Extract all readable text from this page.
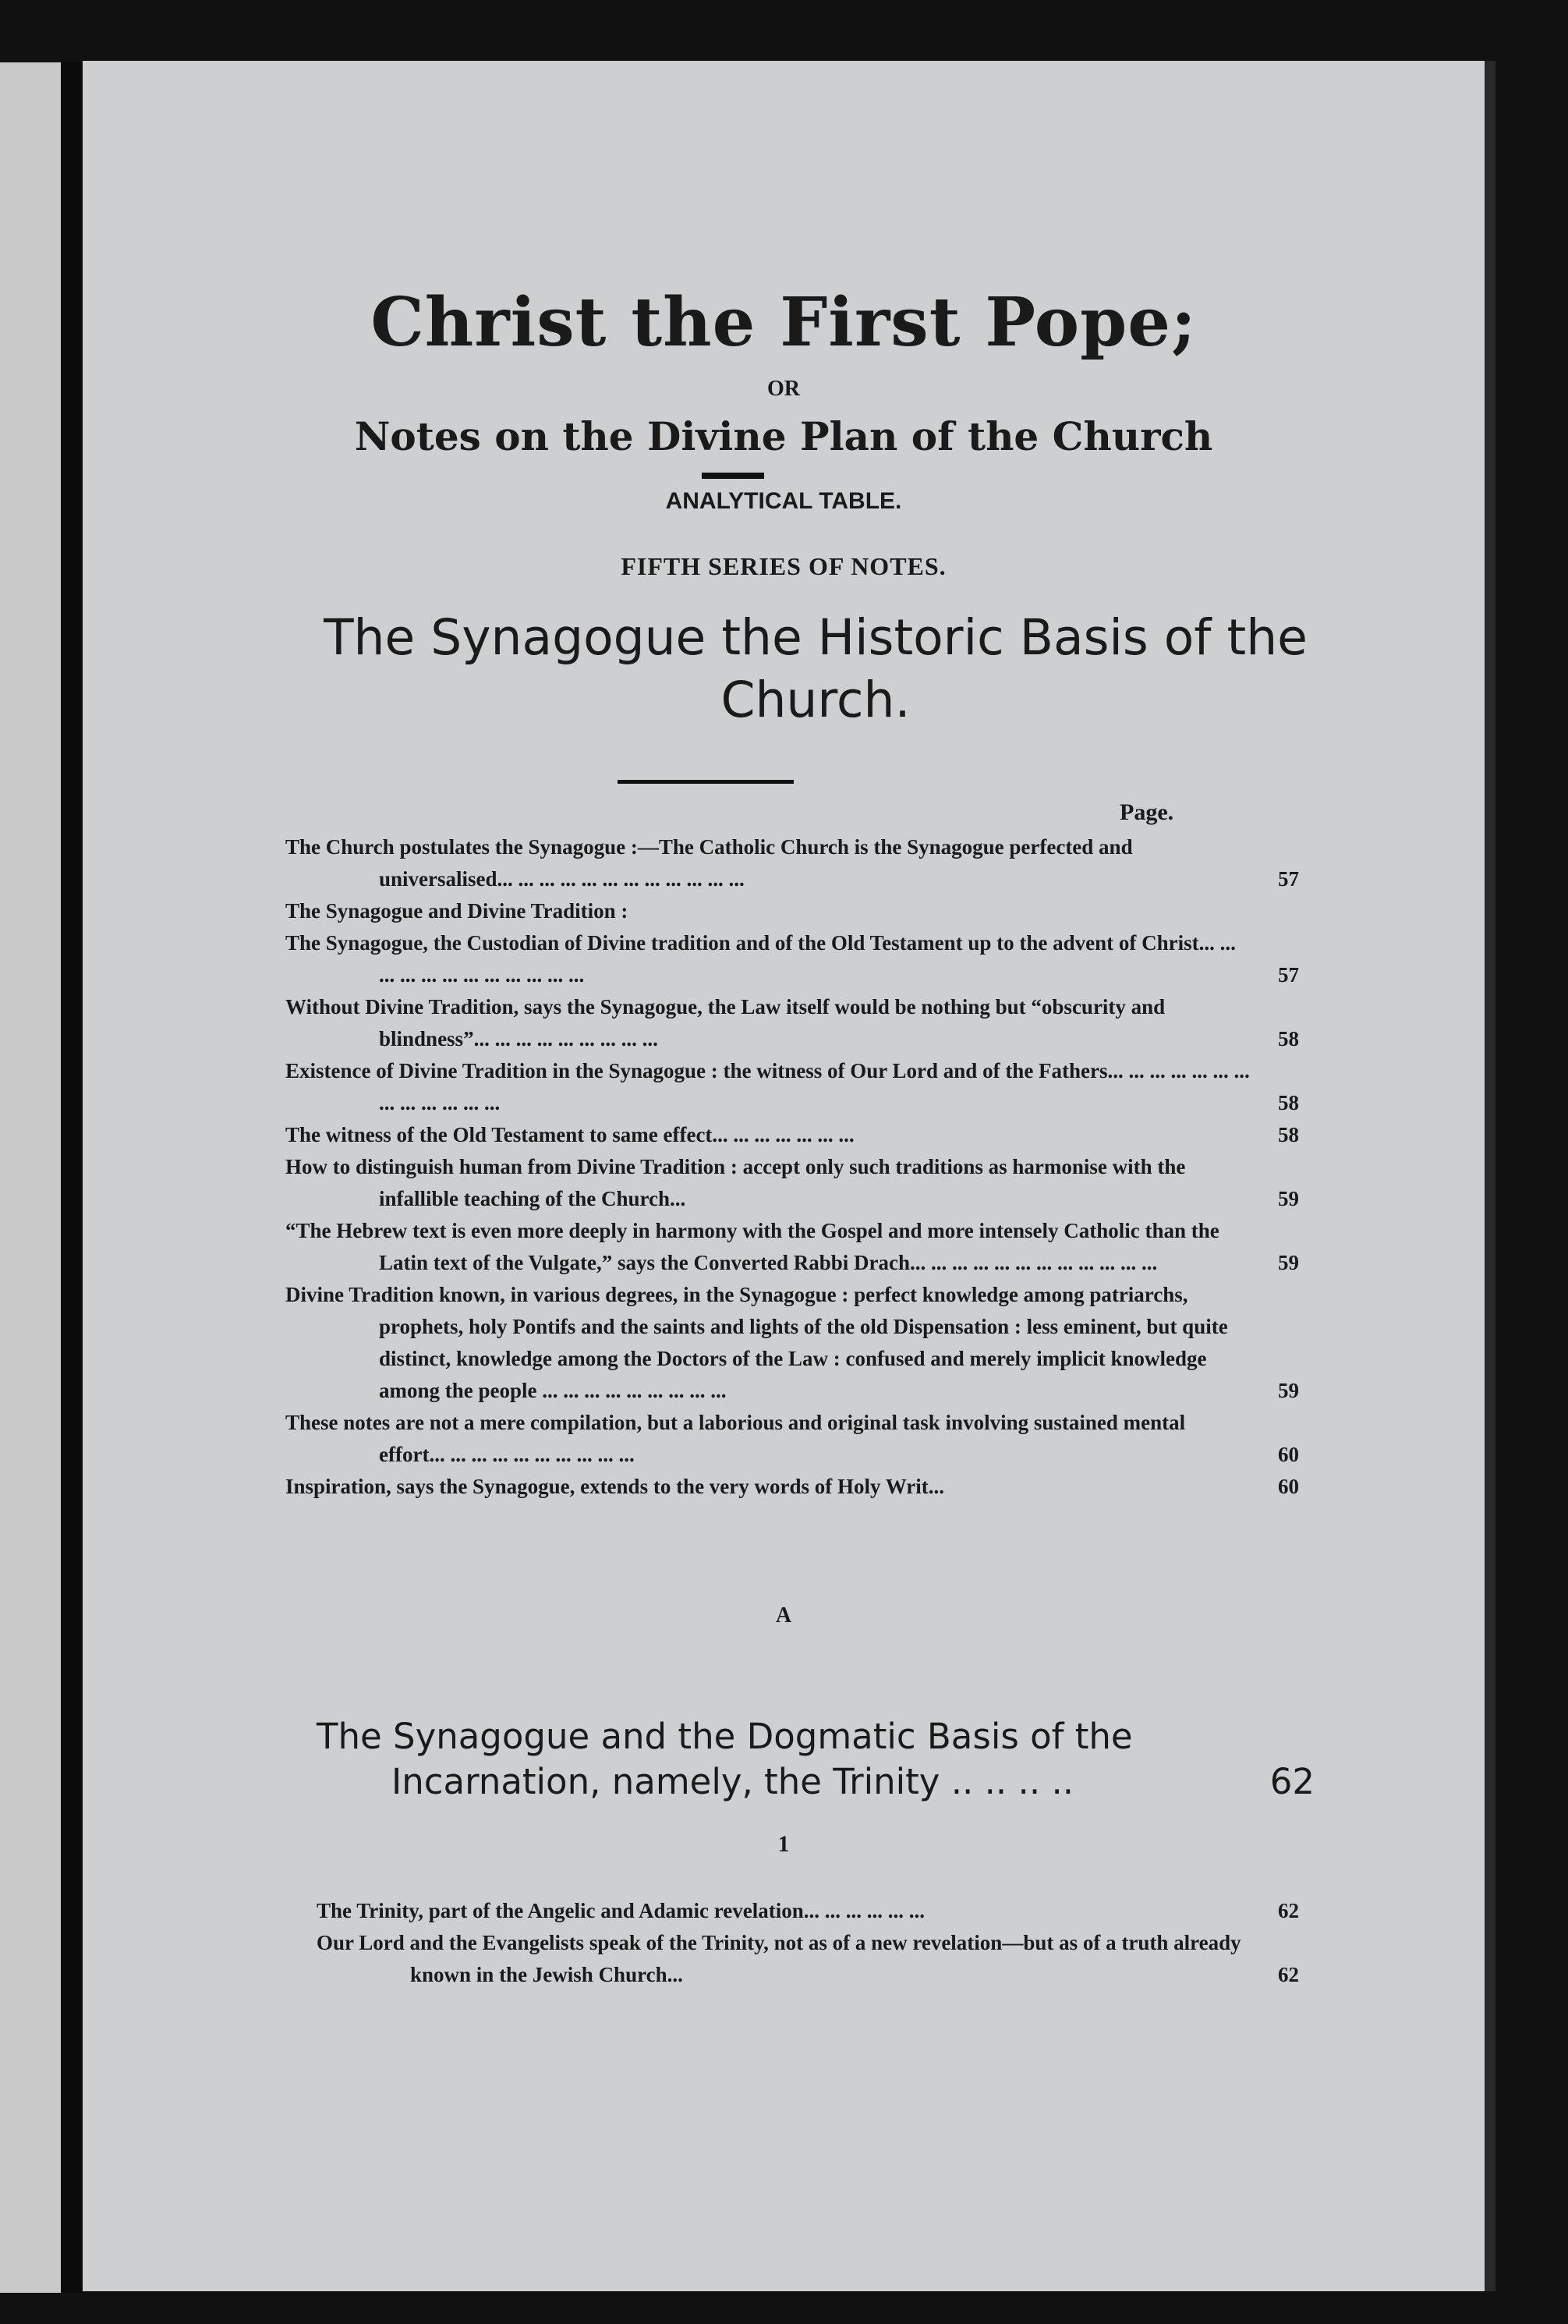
Christ the First Pope;
OR
Notes on the Divine Plan of the Church
ANALYTICAL TABLE.
FIFTH SERIES OF NOTES.
The Synagogue the Historic Basis of the Church.
Page.
The Church postulates the Synagogue :—The Catholic Church is the Synagogue perfected and universalised... ... ... ... ... ... ... ... ... ... ... ...	57
The Synagogue and Divine Tradition :
The Synagogue, the Custodian of Divine tradition and of the Old Testament up to the advent of Christ... ... ... ... ... ... ... ... ... ... ... ...	57
Without Divine Tradition, says the Synagogue, the Law itself would be nothing but “obscurity and blindness”... ... ... ... ... ... ... ... ...	58
Existence of Divine Tradition in the Synagogue : the witness of Our Lord and of the Fathers... ... ... ... ... ... ... ... ... ... ... ... ...	58
The witness of the Old Testament to same effect... ... ... ... ... ... ...	58
How to distinguish human from Divine Tradition : accept only such traditions as harmonise with the infallible teaching of the Church...	59
“The Hebrew text is even more deeply in harmony with the Gospel and more intensely Catholic than the Latin text of the Vulgate,” says the Converted Rabbi Drach... ... ... ... ... ... ... ... ... ... ... ...	59
Divine Tradition known, in various degrees, in the Synagogue : perfect knowledge among patriarchs, prophets, holy Pontifs and the saints and lights of the old Dispensation : less eminent, but quite distinct, knowledge among the Doctors of the Law : confused and merely implicit knowledge among the people ... ... ... ... ... ... ... ... ...	59
These notes are not a mere compilation, but a laborious and original task involving sustained mental effort... ... ... ... ... ... ... ... ... ...	60
Inspiration, says the Synagogue, extends to the very words of Holy Writ...	60
A
The Synagogue and the Dogmatic Basis of the
Incarnation, namely, the Trinity .. .. .. ..	62
1
The Trinity, part of the Angelic and Adamic revelation... ... ... ... ... ...	62
Our Lord and the Evangelists speak of the Trinity, not as of a new revelation—but as of a truth already known in the Jewish Church...	62
